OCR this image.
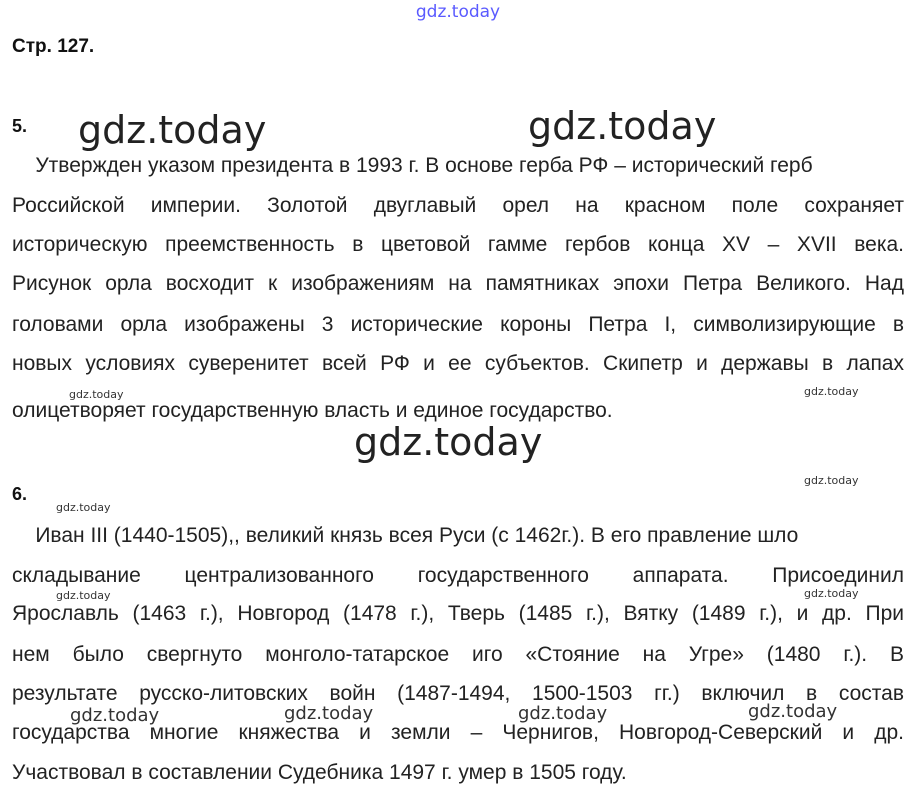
gdz.today
Стр. 127.
5.
Утвержден указом президента в 1993 г. В основе герба РФ – исторический герб
Российской империи. Золотой двуглавый орел на красном поле сохраняет
историческую преемственность в цветовой гамме гербов конца XV – XVII века.
Рисунок орла восходит к изображениям на памятниках эпохи Петра Великого. Над
головами орла изображены 3 исторические короны Петра I, символизирующие в
новых условиях суверенитет всей РФ и ее субъектов. Скипетр и державы в лапах
олицетворяет государственную власть и единое государство.
6.
Иван III (1440-1505),, великий князь всея Руси (с 1462г.). В его правление шло
складывание централизованного государственного аппарата. Присоединил
Ярославль (1463 г.), Новгород (1478 г.), Тверь (1485 г.), Вятку (1489 г.), и др. При
нем было свергнуто монголо-татарское иго «Стояние на Угре» (1480 г.). В
результате русско-литовских войн (1487-1494, 1500-1503 гг.) включил в состав
государства многие княжества и земли – Чернигов, Новгород-Северский и др.
Участвовал в составлении Судебника 1497 г. умер в 1505 году.
gdz.today	gdz.today
gdz.today
gdz.today	gdz.today
gdz.today
gdz.today
gdz.today	gdz.today
gdz.today	gdz.today	gdz.today	gdz.today
